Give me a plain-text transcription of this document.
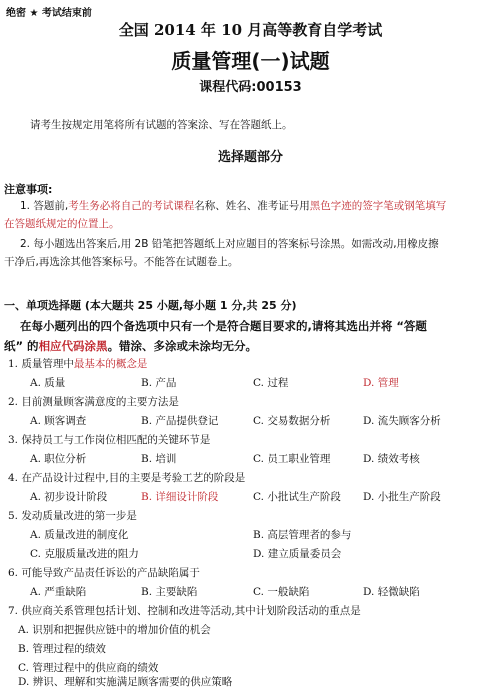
绝密 ★ 考试结束前
全国 2014 年 10 月高等教育自学考试
质量管理(一)试题
课程代码:00153
请考生按规定用笔将所有试题的答案涂、写在答题纸上。
选择题部分
注意事项:
1. 答题前,考生务必将自己的考试课程名称、姓名、准考证号用黑色字迹的签字笔或钢笔填写
在答题纸规定的位置上。
2. 每小题选出答案后,用 2B 铅笔把答题纸上对应题目的答案标号涂黑。如需改动,用橡皮擦
干净后,再选涂其他答案标号。不能答在试题卷上。
一、单项选择题 (本大题共 25 小题,每小题 1 分,共 25 分)
在每小题列出的四个备选项中只有一个是符合题目要求的,请将其选出并将 “答题
纸” 的相应代码涂黑。错涂、多涂或未涂均无分。
1. 质量管理中最基本的概念是
A. 质量	B. 产品	C. 过程	D. 管理
2. 目前测量顾客满意度的主要方法是
A. 顾客调查	B. 产品提供登记	C. 交易数据分析	D. 流失顾客分析
3. 保持员工与工作岗位相匹配的关键环节是
A. 职位分析	B. 培训	C. 员工职业管理	D. 绩效考核
4. 在产品设计过程中,目的主要是考验工艺的阶段是
A. 初步设计阶段	B. 详细设计阶段	C. 小批试生产阶段 D. 小批生产阶段
5. 发动质量改进的第一步是
A. 质量改进的制度化	B. 高层管理者的参与
C. 克服质量改进的阻力	D. 建立质量委员会
6. 可能导致产品责任诉讼的产品缺陷属于
A. 严重缺陷	B. 主要缺陷	C. 一般缺陷	D. 轻微缺陷
7. 供应商关系管理包括计划、控制和改进等活动,其中计划阶段活动的重点是
A. 识别和把握供应链中的增加价值的机会
B. 管理过程的绩效
C. 管理过程中的供应商的绩效
D. 辨识、理解和实施满足顾客需要的供应策略
